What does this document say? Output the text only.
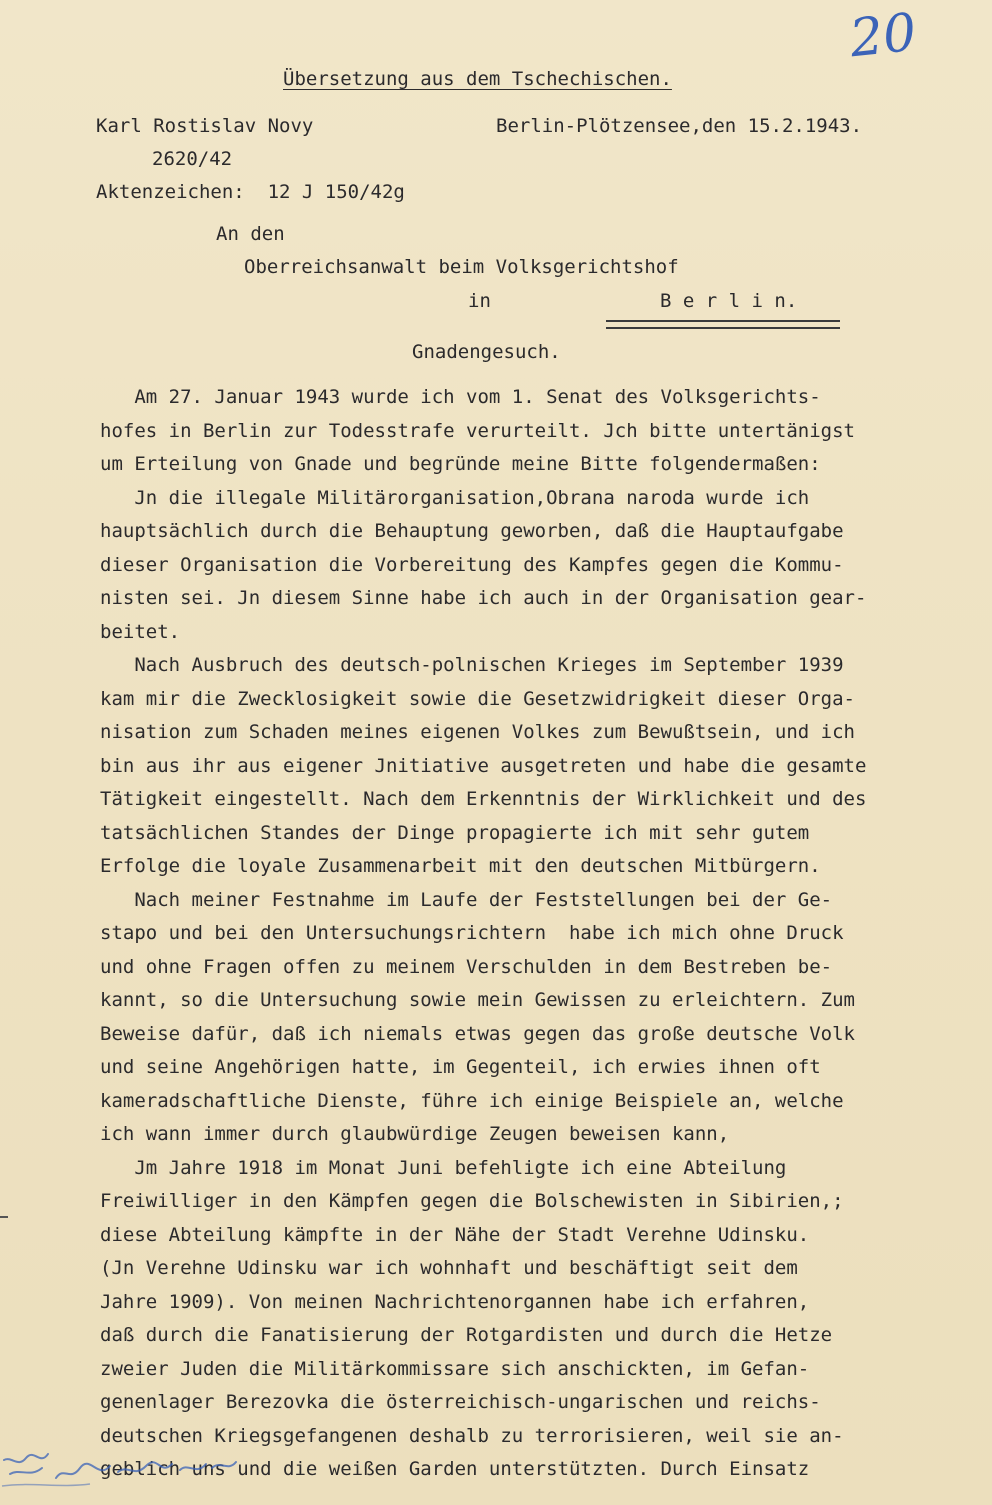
20
Übersetzung aus dem Tschechischen.
Karl Rostislav Novy	Berlin-Plötzensee,den 15.2.1943.
2620/42
Aktenzeichen:  12 J 150/42g
An den
Oberreichsanwalt beim Volksgerichtshof
in	B e r l i n.
Gnadengesuch.
Am 27. Januar 1943 wurde ich vom 1. Senat des Volksgerichts-
hofes in Berlin zur Todesstrafe verurteilt. Jch bitte untertänigst
um Erteilung von Gnade und begründe meine Bitte folgendermaßen:
Jn die illegale Militärorganisation,Obrana naroda wurde ich
hauptsächlich durch die Behauptung geworben, daß die Hauptaufgabe
dieser Organisation die Vorbereitung des Kampfes gegen die Kommu-
nisten sei. Jn diesem Sinne habe ich auch in der Organisation gear-
beitet.
Nach Ausbruch des deutsch-polnischen Krieges im September 1939
kam mir die Zwecklosigkeit sowie die Gesetzwidrigkeit dieser Orga-
nisation zum Schaden meines eigenen Volkes zum Bewußtsein, und ich
bin aus ihr aus eigener Jnitiative ausgetreten und habe die gesamte
Tätigkeit eingestellt. Nach dem Erkenntnis der Wirklichkeit und des
tatsächlichen Standes der Dinge propagierte ich mit sehr gutem
Erfolge die loyale Zusammenarbeit mit den deutschen Mitbürgern.
Nach meiner Festnahme im Laufe der Feststellungen bei der Ge-
stapo und bei den Untersuchungsrichtern  habe ich mich ohne Druck
und ohne Fragen offen zu meinem Verschulden in dem Bestreben be-
kannt, so die Untersuchung sowie mein Gewissen zu erleichtern. Zum
Beweise dafür, daß ich niemals etwas gegen das große deutsche Volk
und seine Angehörigen hatte, im Gegenteil, ich erwies ihnen oft
kameradschaftliche Dienste, führe ich einige Beispiele an, welche
ich wann immer durch glaubwürdige Zeugen beweisen kann,
Jm Jahre 1918 im Monat Juni befehligte ich eine Abteilung
Freiwilliger in den Kämpfen gegen die Bolschewisten in Sibirien,;
diese Abteilung kämpfte in der Nähe der Stadt Verehne Udinsku.
(Jn Verehne Udinsku war ich wohnhaft und beschäftigt seit dem
Jahre 1909). Von meinen Nachrichtenorgannen habe ich erfahren,
daß durch die Fanatisierung der Rotgardisten und durch die Hetze
zweier Juden die Militärkommissare sich anschickten, im Gefan-
genenlager Berezovka die österreichisch-ungarischen und reichs-
deutschen Kriegsgefangenen deshalb zu terrorisieren, weil sie an-
geblich uns und die weißen Garden unterstützten. Durch Einsatz
